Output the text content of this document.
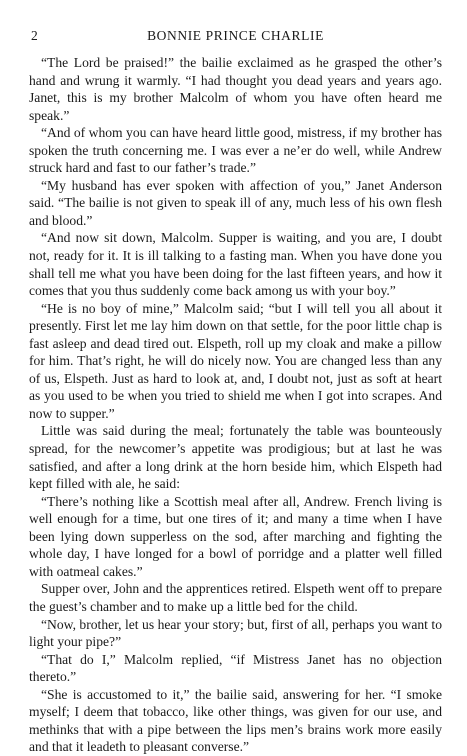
2	BONNIE PRINCE CHARLIE

“The Lord be praised!” the bailie exclaimed as he grasped the other’s hand and wrung it warmly. “I had thought you dead years and years ago. Janet, this is my brother Malcolm of whom you have often heard me speak.”

“And of whom you can have heard little good, mistress, if my brother has spoken the truth concerning me. I was ever a ne’er do well, while Andrew struck hard and fast to our father’s trade.”

“My husband has ever spoken with affection of you,” Janet Anderson said. “The bailie is not given to speak ill of any, much less of his own flesh and blood.”

“And now sit down, Malcolm. Supper is waiting, and you are, I doubt not, ready for it. It is ill talking to a fasting man. When you have done you shall tell me what you have been doing for the last fifteen years, and how it comes that you thus suddenly come back among us with your boy.”

“He is no boy of mine,” Malcolm said; “but I will tell you all about it presently. First let me lay him down on that settle, for the poor little chap is fast asleep and dead tired out. Elspeth, roll up my cloak and make a pillow for him. That’s right, he will do nicely now. You are changed less than any of us, Elspeth. Just as hard to look at, and, I doubt not, just as soft at heart as you used to be when you tried to shield me when I got into scrapes. And now to supper.”

Little was said during the meal; fortunately the table was bounteously spread, for the newcomer’s appetite was prodigious; but at last he was satisfied, and after a long drink at the horn beside him, which Elspeth had kept filled with ale, he said:

“There’s nothing like a Scottish meal after all, Andrew. French living is well enough for a time, but one tires of it; and many a time when I have been lying down supperless on the sod, after marching and fighting the whole day, I have longed for a bowl of porridge and a platter well filled with oatmeal cakes.”

Supper over, John and the apprentices retired. Elspeth went off to prepare the guest’s chamber and to make up a little bed for the child.

“Now, brother, let us hear your story; but, first of all, perhaps you want to light your pipe?”

“That do I,” Malcolm replied, “if Mistress Janet has no objection thereto.”

“She is accustomed to it,” the bailie said, answering for her. “I smoke myself; I deem that tobacco, like other things, was given for our use, and methinks that with a pipe between the lips men’s brains work more easily and that it leadeth to pleasant converse.”
